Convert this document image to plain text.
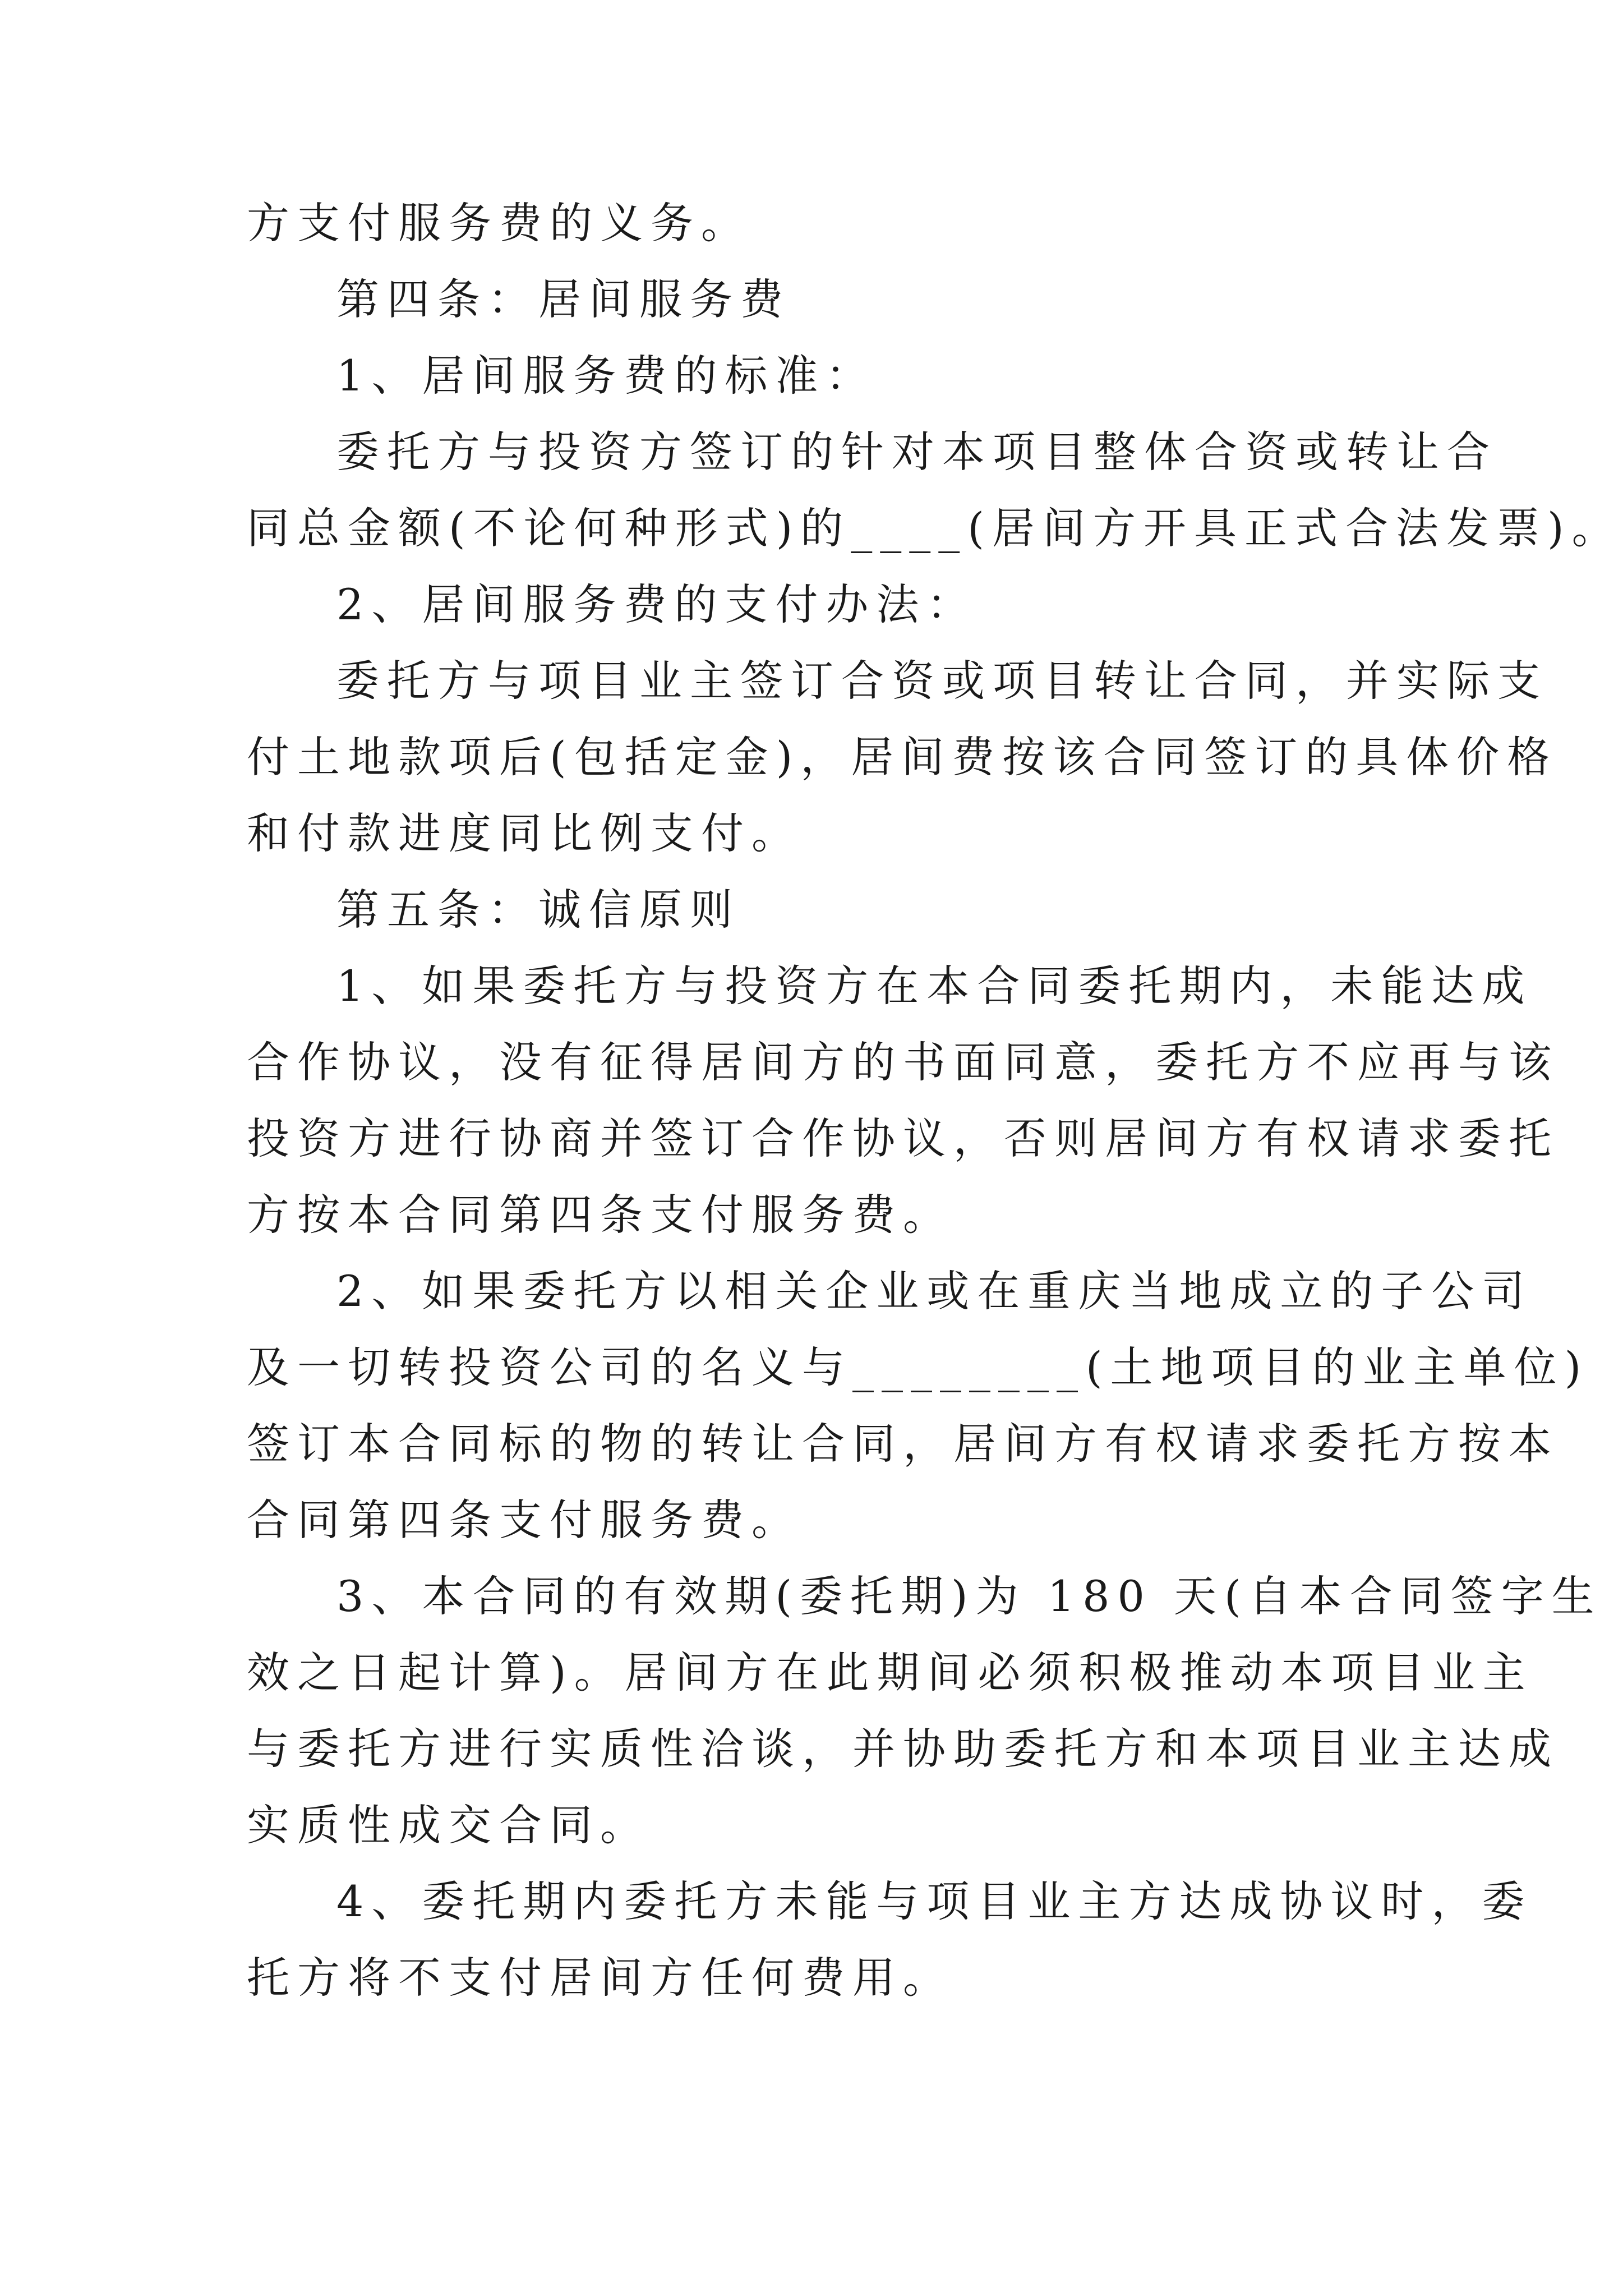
方支付服务费的义务。
第四条：居间服务费
1、居间服务费的标准：
委托方与投资方签订的针对本项目整体合资或转让合
同总金额(不论何种形式)的____(居间方开具正式合法发票)。
2、居间服务费的支付办法：
委托方与项目业主签订合资或项目转让合同，并实际支
付土地款项后(包括定金)，居间费按该合同签订的具体价格
和付款进度同比例支付。
第五条：诚信原则
1、如果委托方与投资方在本合同委托期内，未能达成
合作协议，没有征得居间方的书面同意，委托方不应再与该
投资方进行协商并签订合作协议，否则居间方有权请求委托
方按本合同第四条支付服务费。
2、如果委托方以相关企业或在重庆当地成立的子公司
及一切转投资公司的名义与________(土地项目的业主单位)
签订本合同标的物的转让合同，居间方有权请求委托方按本
合同第四条支付服务费。
3、本合同的有效期(委托期)为 180 天(自本合同签字生
效之日起计算)。居间方在此期间必须积极推动本项目业主
与委托方进行实质性洽谈，并协助委托方和本项目业主达成
实质性成交合同。
4、委托期内委托方未能与项目业主方达成协议时，委
托方将不支付居间方任何费用。
